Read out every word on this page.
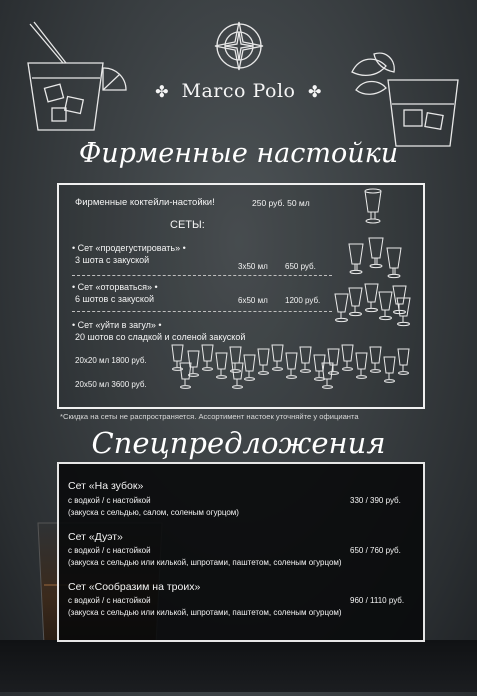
✤ Marco Polo ✤
Фирменные настойки
Фирменные коктейли-настойки!	250 руб. 50 мл
СЕТЫ:
• Сет «продегустировать» •
3 шота с закуской
3х50 мл 650 руб.
• Сет «оторваться» •
6 шотов с закуской	6х50 мл 1200 руб.
• Сет «уйти в загул» •
20 шотов со сладкой и соленой закуской
20х20 мл 1800 руб.
20х50 мл 3600 руб.
*Скидка на сеты не распространяется. Ассортимент настоек уточняйте у официанта
Спецпредложения
Сет «На зубок»
с водкой / с настойкой
(закуска с сельдью, салом, соленым огурцом)
330 / 390 руб.
Сет «Дуэт»
с водкой / с настойкой
(закуска с сельдью или килькой, шпротами, паштетом, соленым огурцом)
650 / 760 руб.
Сет «Сообразим на троих»
с водкой / с настойкой
(закуска с сельдью или килькой, шпротами, паштетом, соленым огурцом)
960 / 1110 руб.
